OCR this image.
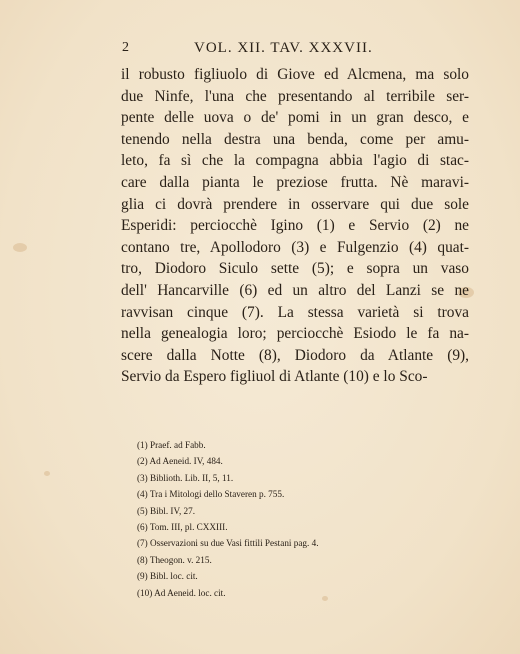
2	VOL. XII. TAV. XXXVII.
il robusto figliuolo di Giove ed Alcmena, ma solo
due Ninfe, l'una che presentando al terribile ser-
pente delle uova o de' pomi in un gran desco, e
tenendo nella destra una benda, come per amu-
leto, fa sì che la compagna abbia l'agio di stac-
care dalla pianta le preziose frutta. Nè maravi-
glia ci dovrà prendere in osservare qui due sole
Esperidi: perciocchè Igino (1) e Servio (2) ne
contano tre, Apollodoro (3) e Fulgenzio (4) quat-
tro, Diodoro Siculo sette (5); e sopra un vaso
dell' Hancarville (6) ed un altro del Lanzi se ne
ravvisan cinque (7). La stessa varietà si trova
nella genealogia loro; perciocchè Esiodo le fa na-
scere dalla Notte (8), Diodoro da Atlante (9),
Servio da Espero figliuol di Atlante (10) e lo Sco-
(1) Praef. ad Fabb.
(2) Ad Aeneid. IV, 484.
(3) Biblioth. Lib. II, 5, 11.
(4) Tra i Mitologi dello Staveren p. 755.
(5) Bibl. IV, 27.
(6) Tom. III, pl. CXXIII.
(7) Osservazioni su due Vasi fittili Pestani pag. 4.
(8) Theogon. v. 215.
(9) Bibl. loc. cit.
(10) Ad Aeneid. loc. cit.
